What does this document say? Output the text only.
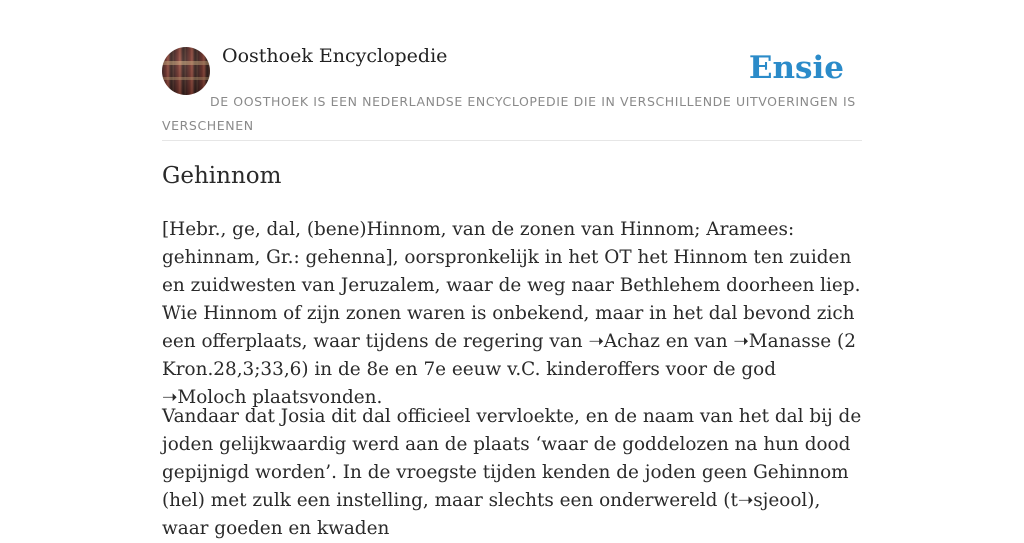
Oosthoek Encyclopedie	Ensie
DE OOSTHOEK IS EEN NEDERLANDSE ENCYCLOPEDIE DIE IN VERSCHILLENDE UITVOERINGEN IS VERSCHENEN
Gehinnom

[Hebr., ge, dal, (bene)Hinnom, van de zonen van Hinnom; Aramees: gehinnam, Gr.: gehenna], oorspronkelijk in het OT het Hinnom ten zuiden en zuidwesten van Jeruzalem, waar de weg naar Bethlehem doorheen liep. Wie Hinnom of zijn zonen waren is onbekend, maar in het dal bevond zich een offerplaats, waar tijdens de regering van ➝Achaz en van ➝Manasse (2 Kron.28,3;33,6) in de 8e en 7e eeuw v.C. kinderoffers voor de god ➝Moloch plaatsvonden.

Vandaar dat Josia dit dal officieel vervloekte, en de naam van het dal bij de joden gelijkwaardig werd aan de plaats ‘waar de goddelozen na hun dood gepijnigd worden’. In de vroegste tijden kenden de joden geen Gehinnom (hel) met zulk een instelling, maar slechts een onderwereld (t➝sjeool), waar goeden en kwaden
